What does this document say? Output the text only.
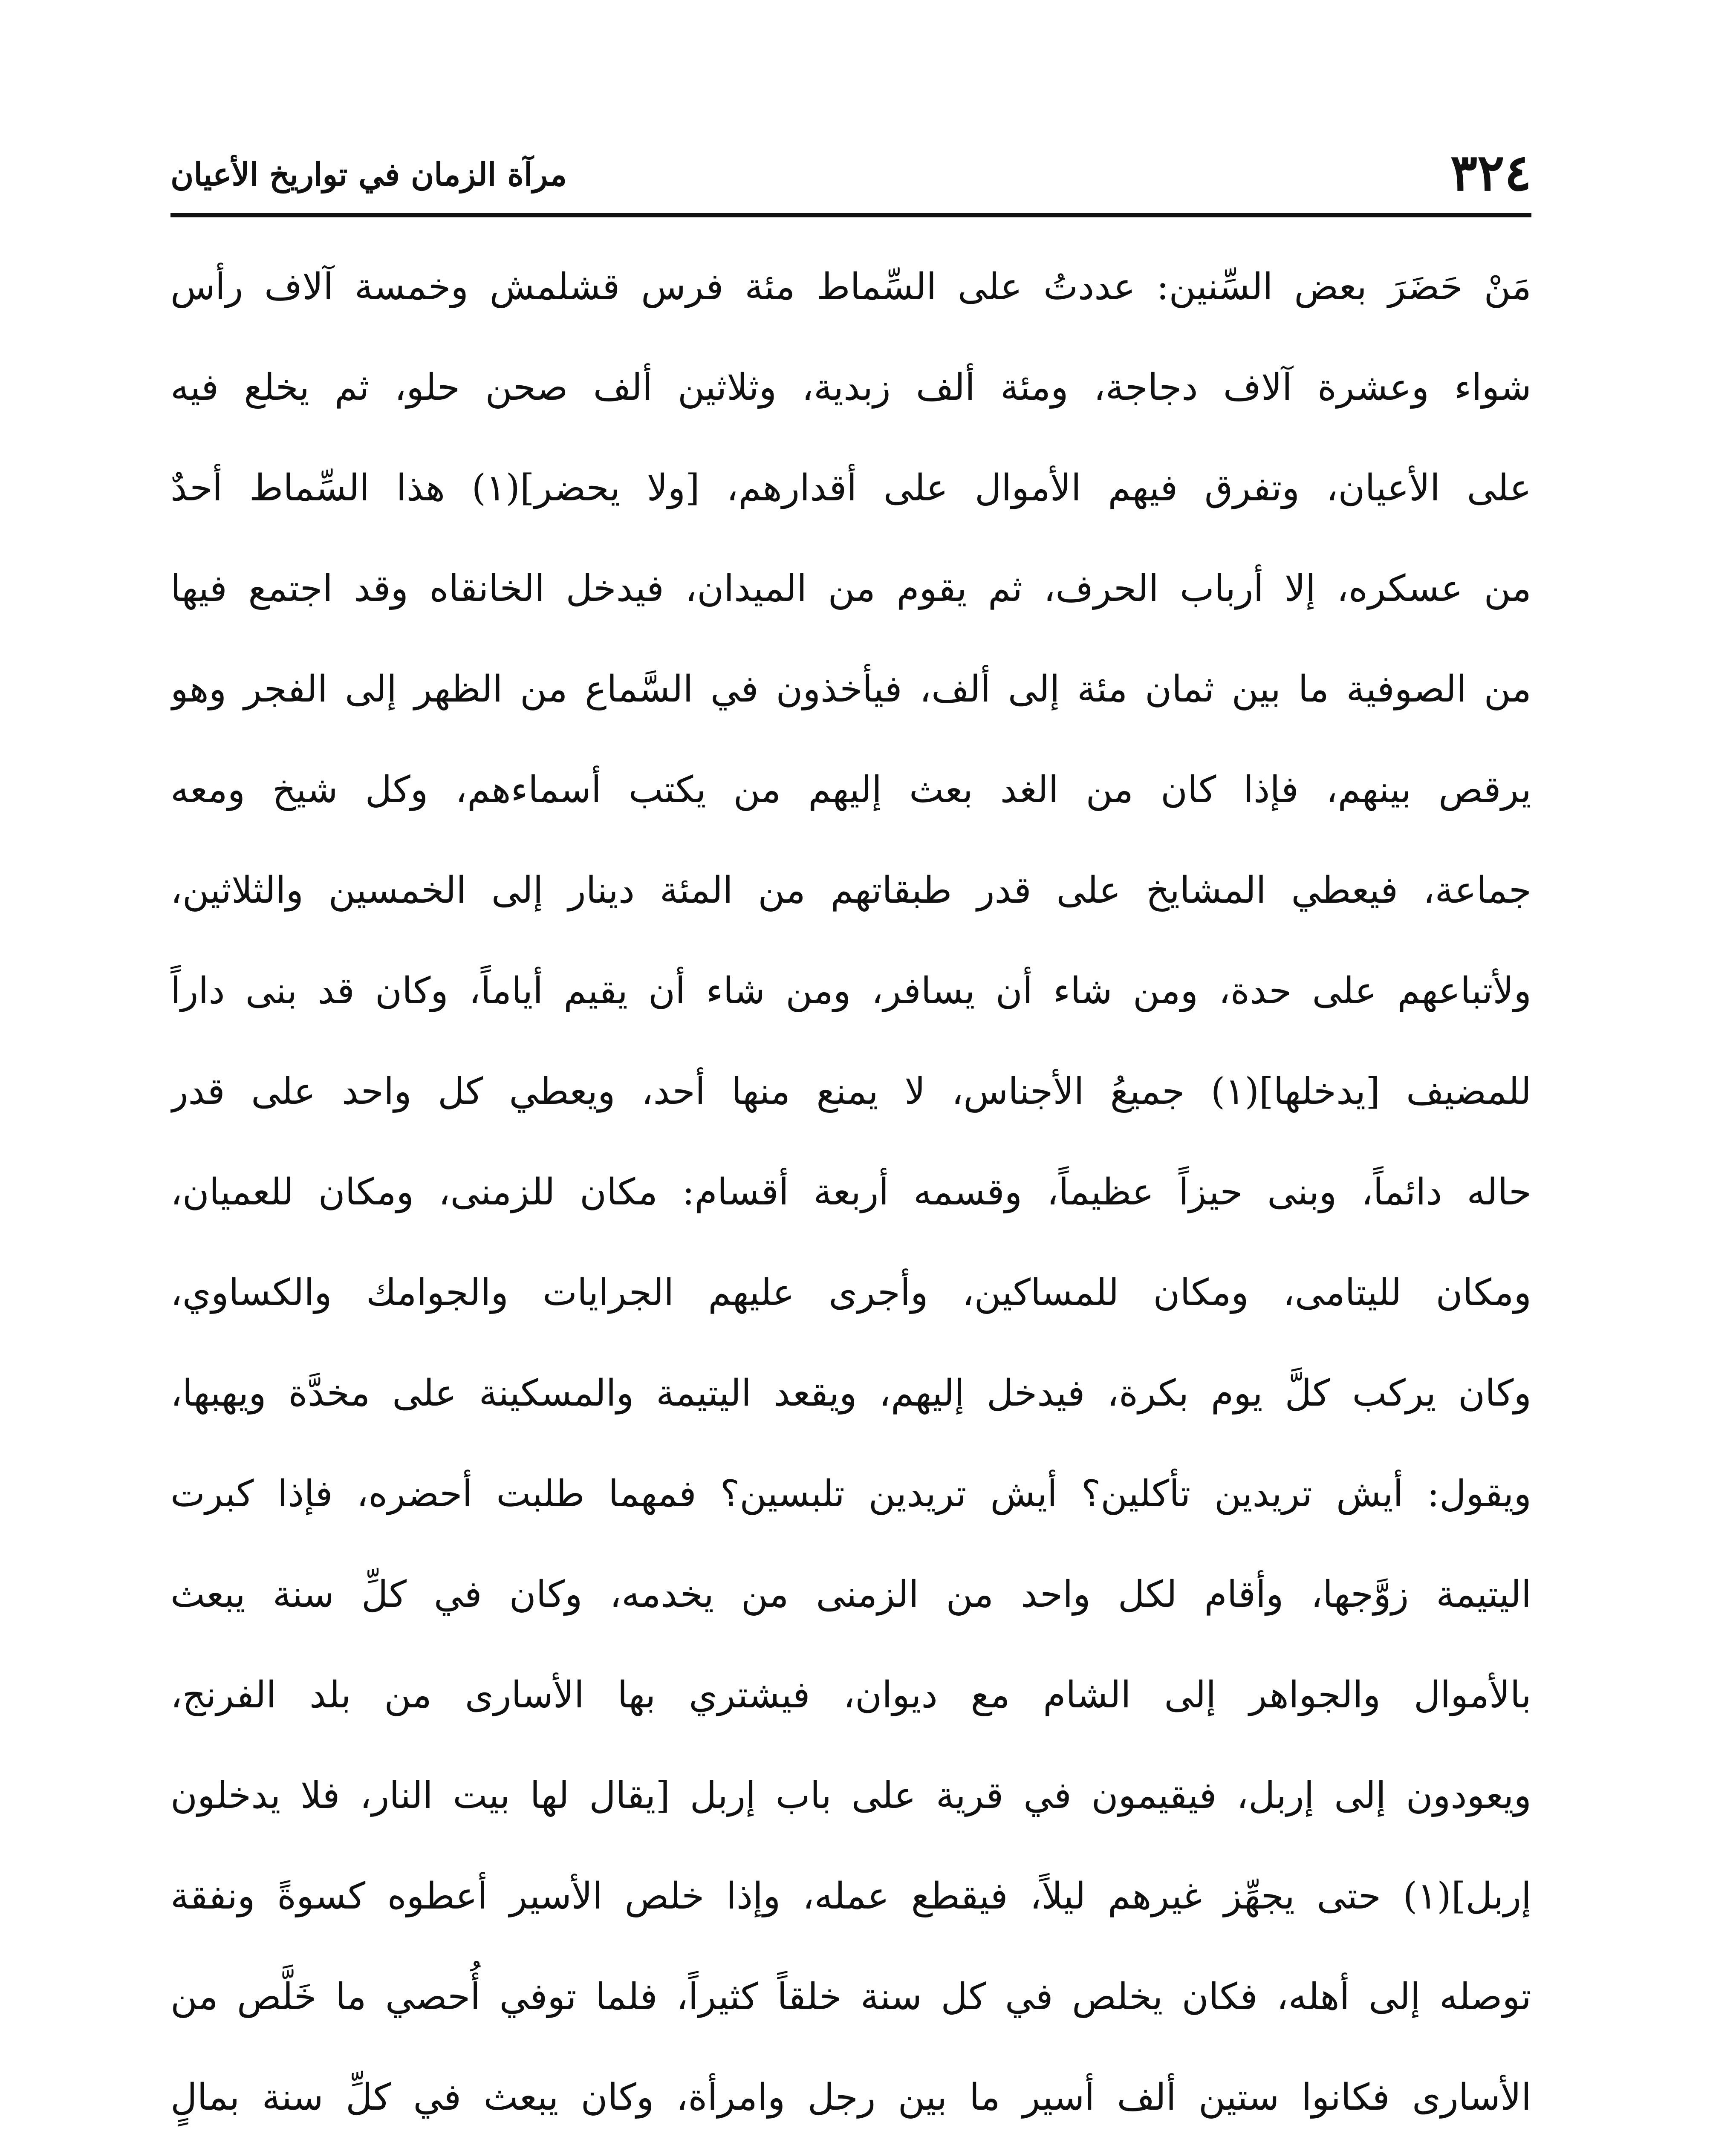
٣٢٤
مرآة الزمان في تواريخ الأعيان
مَنْ حَضَرَ بعض السِّنين: عددتُ على السِّماط مئة فرس قشلمش وخمسة آلاف رأس
شواء وعشرة آلاف دجاجة، ومئة ألف زبدية، وثلاثين ألف صحن حلو، ثم يخلع فيه
على الأعيان، وتفرق فيهم الأموال على أقدارهم، [ولا يحضر](١) هذا السِّماط أحدٌ
من عسكره، إلا أرباب الحرف، ثم يقوم من الميدان، فيدخل الخانقاه وقد اجتمع فيها
من الصوفية ما بين ثمان مئة إلى ألف، فيأخذون في السَّماع من الظهر إلى الفجر وهو
يرقص بينهم، فإذا كان من الغد بعث إليهم من يكتب أسماءهم، وكل شيخ ومعه
جماعة، فيعطي المشايخ على قدر طبقاتهم من المئة دينار إلى الخمسين والثلاثين،
ولأتباعهم على حدة، ومن شاء أن يسافر، ومن شاء أن يقيم أياماً، وكان قد بنى داراً
للمضيف [يدخلها](١) جميعُ الأجناس، لا يمنع منها أحد، ويعطي كل واحد على قدر
حاله دائماً، وبنى حيزاً عظيماً، وقسمه أربعة أقسام: مكان للزمنى، ومكان للعميان،
ومكان لليتامى، ومكان للمساكين، وأجرى عليهم الجرايات والجوامك والكساوي،
وكان يركب كلَّ يوم بكرة، فيدخل إليهم، ويقعد اليتيمة والمسكينة على مخدَّة ويهبها،
ويقول: أيش تريدين تأكلين؟ أيش تريدين تلبسين؟ فمهما طلبت أحضره، فإذا كبرت
اليتيمة زوَّجها، وأقام لكل واحد من الزمنى من يخدمه، وكان في كلِّ سنة يبعث
بالأموال والجواهر إلى الشام مع ديوان، فيشتري بها الأسارى من بلد الفرنج،
ويعودون إلى إربل، فيقيمون في قرية على باب إربل [يقال لها بيت النار، فلا يدخلون
إربل](١) حتى يجهِّز غيرهم ليلاً، فيقطع عمله، وإذا خلص الأسير أعطوه كسوةً ونفقة
توصله إلى أهله، فكان يخلص في كل سنة خلقاً كثيراً، فلما توفي أُحصي ما خَلَّص من
الأسارى فكانوا ستين ألف أسير ما بين رجل وامرأة، وكان يبعث في كلِّ سنة بمالٍ
